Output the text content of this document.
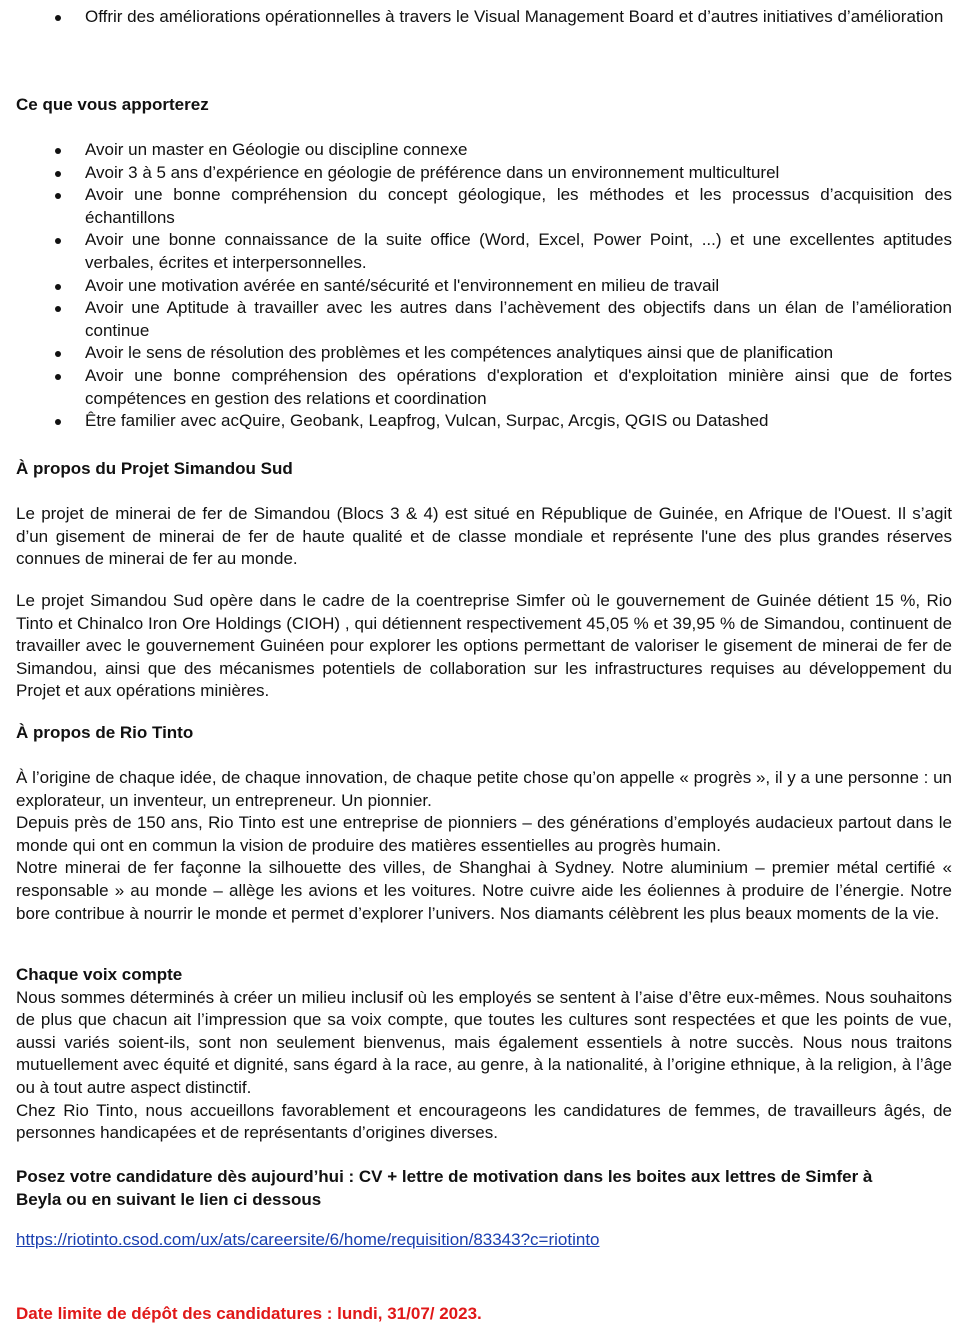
Offrir des améliorations opérationnelles à travers le Visual Management Board et d’autres initiatives d’amélioration
Ce que vous apporterez
Avoir un master en Géologie ou discipline connexe
Avoir 3 à 5 ans d’expérience en géologie de préférence dans un environnement multiculturel
Avoir une bonne compréhension du concept géologique, les méthodes et les processus d’acquisition des échantillons
Avoir une bonne connaissance de la suite office (Word, Excel, Power Point, ...) et une excellentes aptitudes verbales, écrites et interpersonnelles.
Avoir une motivation avérée en santé/sécurité et l'environnement en milieu de travail
Avoir une Aptitude à travailler avec les autres dans l’achèvement des objectifs dans un élan de l’amélioration continue
Avoir le sens de résolution des problèmes et les compétences analytiques ainsi que de planification
Avoir une bonne compréhension des opérations d'exploration et d'exploitation minière ainsi que de fortes compétences en gestion des relations et coordination
Être familier avec acQuire, Geobank, Leapfrog, Vulcan, Surpac, Arcgis, QGIS ou Datashed
À propos du Projet Simandou Sud
Le projet de minerai de fer de Simandou (Blocs 3 & 4) est situé en République de Guinée, en Afrique de l'Ouest. Il s’agit d’un gisement de minerai de fer de haute qualité et de classe mondiale et représente l'une des plus grandes réserves connues de minerai de fer au monde.
Le projet Simandou Sud opère dans le cadre de la coentreprise Simfer où le gouvernement de Guinée détient 15 %, Rio Tinto et Chinalco Iron Ore Holdings (CIOH) , qui détiennent respectivement 45,05 % et 39,95 % de Simandou, continuent de travailler avec le gouvernement Guinéen pour explorer les options permettant de valoriser le gisement de minerai de fer de Simandou, ainsi que des mécanismes potentiels de collaboration sur les infrastructures requises au développement du Projet et aux opérations minières.
À propos de Rio Tinto
À l’origine de chaque idée, de chaque innovation, de chaque petite chose qu’on appelle « progrès », il y a une personne : un explorateur, un inventeur, un entrepreneur. Un pionnier.
Depuis près de 150 ans, Rio Tinto est une entreprise de pionniers – des générations d’employés audacieux partout dans le monde qui ont en commun la vision de produire des matières essentielles au progrès humain.
Notre minerai de fer façonne la silhouette des villes, de Shanghai à Sydney. Notre aluminium – premier métal certifié « responsable » au monde – allège les avions et les voitures. Notre cuivre aide les éoliennes à produire de l’énergie. Notre bore contribue à nourrir le monde et permet d’explorer l’univers. Nos diamants célèbrent les plus beaux moments de la vie.
Chaque voix compte
Nous sommes déterminés à créer un milieu inclusif où les employés se sentent à l’aise d’être eux-mêmes. Nous souhaitons de plus que chacun ait l’impression que sa voix compte, que toutes les cultures sont respectées et que les points de vue, aussi variés soient-ils, sont non seulement bienvenus, mais également essentiels à notre succès. Nous nous traitons mutuellement avec équité et dignité, sans égard à la race, au genre, à la nationalité, à l’origine ethnique, à la religion, à l’âge ou à tout autre aspect distinctif.
Chez Rio Tinto, nous accueillons favorablement et encourageons les candidatures de femmes, de travailleurs âgés, de personnes handicapées et de représentants d’origines diverses.
Posez votre candidature dès aujourd’hui : CV + lettre de motivation dans les boites aux lettres de Simfer à Beyla ou en suivant le lien ci dessous
https://riotinto.csod.com/ux/ats/careersite/6/home/requisition/83343?c=riotinto
Date limite de dépôt des candidatures : lundi, 31/07/ 2023.
